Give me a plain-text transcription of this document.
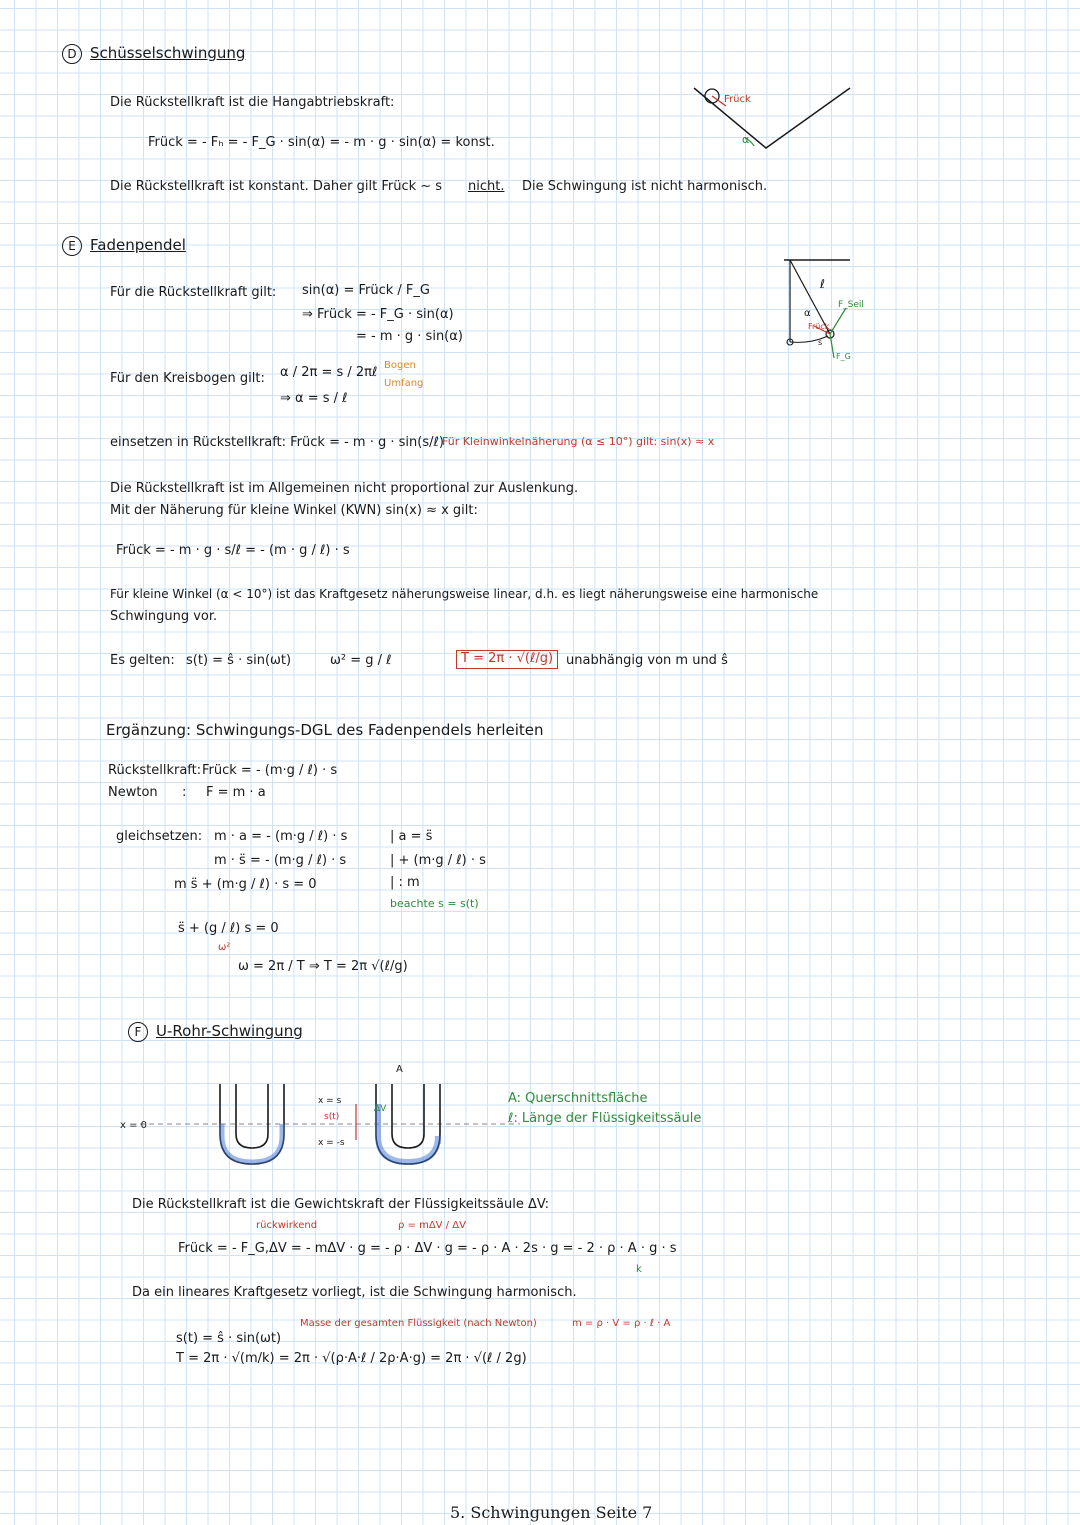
D Schüsselschwingung
Die Rückstellkraft ist die Hangabtriebskraft:
Frück = - Fₕ = - F_G · sin(α) = - m · g · sin(α) = konst.
Die Rückstellkraft ist konstant. Daher gilt Frück ~ s nicht. Die Schwingung ist nicht harmonisch.
Frück
α
E Fadenpendel
Für die Rückstellkraft gilt: sin(α) = Frück / F_G
⇒ Frück = - F_G · sin(α)
= - m · g · sin(α)
Für den Kreisbogen gilt: α / 2π = s / 2πℓ
⇒ α = s / ℓ
Bogen
Umfang
α
ℓ
F_Seil
Frück
F_G
s
einsetzen in Rückstellkraft: Frück = - m · g · sin(s/ℓ)
Für Kleinwinkelnäherung (α ≤ 10°) gilt: sin(x) ≈ x
Die Rückstellkraft ist im Allgemeinen nicht proportional zur Auslenkung.
Mit der Näherung für kleine Winkel (KWN) sin(x) ≈ x gilt:
Frück = - m · g · s/ℓ = - (m · g / ℓ) · s
Für kleine Winkel (α < 10°) ist das Kraftgesetz näherungsweise linear, d.h. es liegt näherungsweise eine harmonische
Schwingung vor.
Es gelten: s(t) = ŝ · sin(ωt)	ω² = g / ℓ	T = 2π · √(ℓ/g) unabhängig von m und ŝ
Ergänzung: Schwingungs-DGL des Fadenpendels herleiten
Rückstellkraft: Frück = - (m·g / ℓ) · s
Newton : F = m · a
gleichsetzen: m · a = - (m·g / ℓ) · s
m · s̈ = - (m·g / ℓ) · s
m s̈ + (m·g / ℓ) · s = 0
s̈ + (g / ℓ) s = 0
ω²
ω = 2π / T ⇒ T = 2π √(ℓ/g)
| a = s̈
| + (m·g / ℓ) · s
| : m
beachte s = s(t)
F U-Rohr-Schwingung
x = 0
x = s
x = -s
s(t)
A
ΔV
A: Querschnittsfläche
ℓ: Länge der Flüssigkeitssäule
Die Rückstellkraft ist die Gewichtskraft der Flüssigkeitssäule ΔV:
rückwirkend	ρ = mΔV / ΔV
Frück = - F_G,ΔV = - mΔV · g = - ρ · ΔV · g = - ρ · A · 2s · g = - 2 · ρ · A · g · s
k
Da ein lineares Kraftgesetz vorliegt, ist die Schwingung harmonisch.
Masse der gesamten Flüssigkeit (nach Newton)	m = ρ · V = ρ · ℓ · A
s(t) = ŝ · sin(ωt)
T = 2π · √(m/k) = 2π · √(ρ·A·ℓ / 2ρ·A·g) = 2π · √(ℓ / 2g)
5. Schwingungen Seite 7
